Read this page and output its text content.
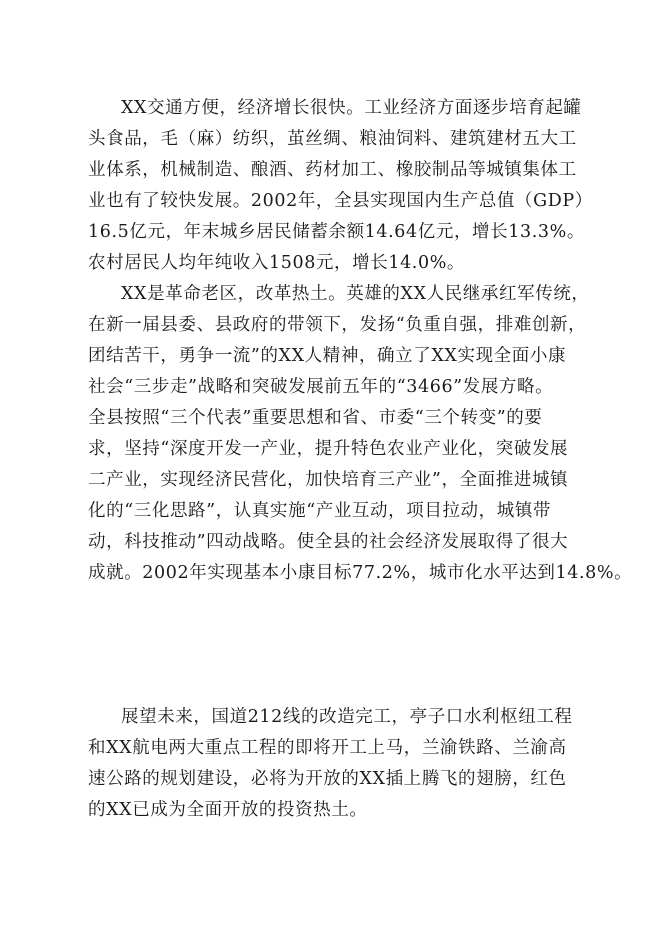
XX交通方便，经济增长很快。工业经济方面逐步培育起罐
头食品，毛（麻）纺织，茧丝绸、粮油饲料、建筑建材五大工
业体系，机械制造、酿酒、药材加工、橡胶制品等城镇集体工
业也有了较快发展。2002年，全县实现国内生产总值（GDP）
16.5亿元，年末城乡居民储蓄余额14.64亿元，增长13.3%。
农村居民人均年纯收入1508元，增长14.0%。
XX是革命老区，改革热土。英雄的XX人民继承红军传统，
在新一届县委、县政府的带领下，发扬“负重自强，排难创新，
团结苦干，勇争一流”的XX人精神，确立了XX实现全面小康
社会“三步走”战略和突破发展前五年的“3466”发展方略。
全县按照“三个代表”重要思想和省、市委“三个转变”的要
求，坚持“深度开发一产业，提升特色农业产业化，突破发展
二产业，实现经济民营化，加快培育三产业”，全面推进城镇
化的“三化思路”，认真实施“产业互动，项目拉动，城镇带
动，科技推动”四动战略。使全县的社会经济发展取得了很大
成就。2002年实现基本小康目标77.2%，城市化水平达到14.8%。
展望未来，国道212线的改造完工，亭子口水利枢纽工程
和XX航电两大重点工程的即将开工上马，兰渝铁路、兰渝高
速公路的规划建设，必将为开放的XX插上腾飞的翅膀，红色
的XX已成为全面开放的投资热土。
